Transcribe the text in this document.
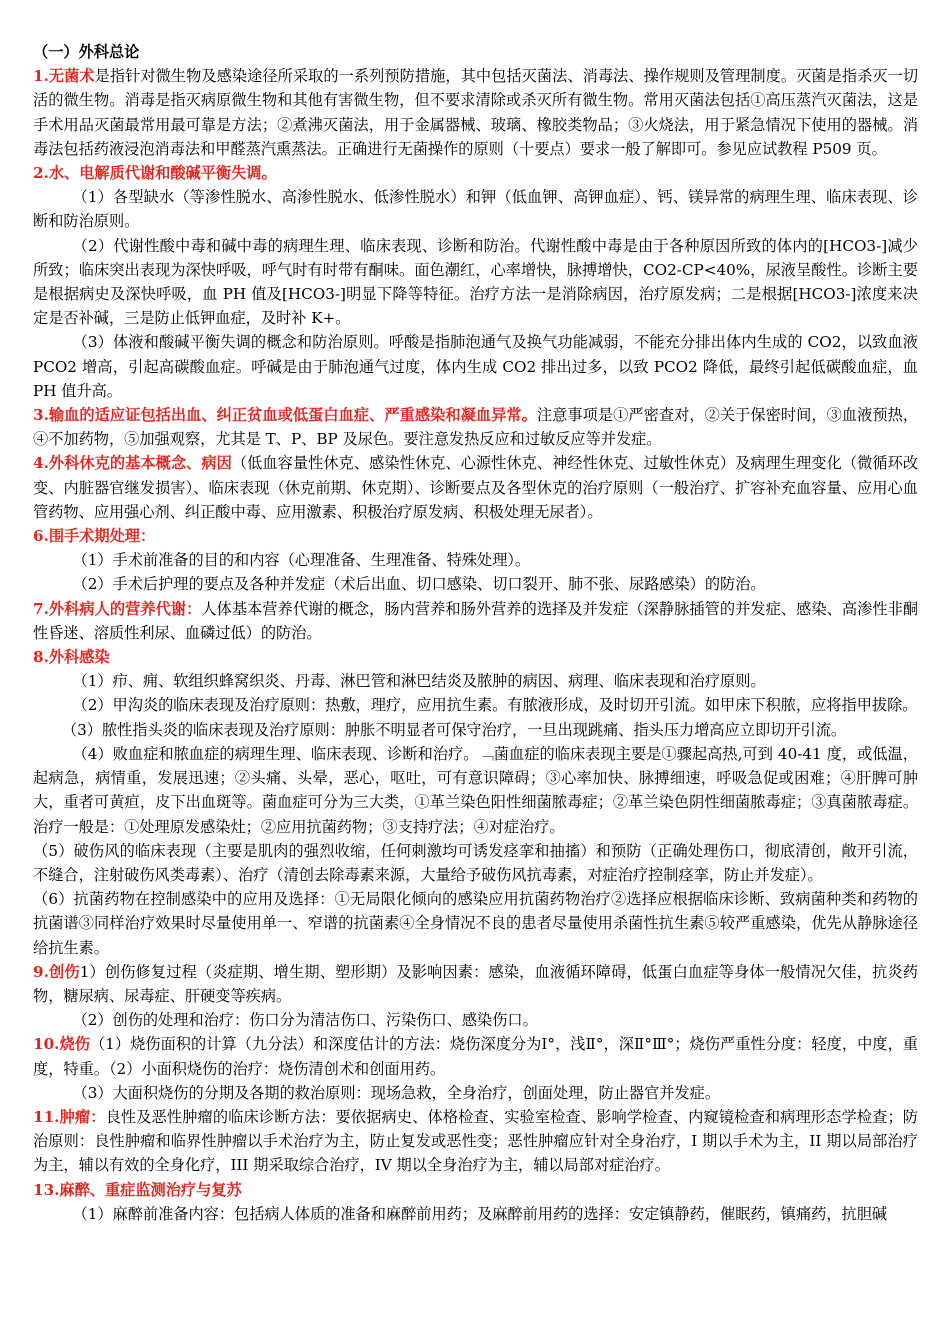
（一）外科总论

1.无菌术是指针对微生物及感染途径所采取的一系列预防措施，其中包括灭菌法、消毒法、操作规则及管理制度。灭菌是指杀灭一切活的微生物。消毒是指灭病原微生物和其他有害微生物，但不要求清除或杀灭所有微生物。常用灭菌法包括①高压蒸汽灭菌法，这是手术用品灭菌最常用最可靠是方法；②煮沸灭菌法，用于金属器械、玻璃、橡胶类物品；③火烧法，用于紧急情况下使用的器械。消毒法包括药液浸泡消毒法和甲醛蒸汽熏蒸法。正确进行无菌操作的原则（十要点）要求一般了解即可。参见应试教程 P509 页。

2.水、电解质代谢和酸碱平衡失调。

（1）各型缺水（等渗性脱水、高渗性脱水、低渗性脱水）和钾（低血钾、高钾血症）、钙、镁异常的病理生理、临床表现、诊断和防治原则。

（2）代谢性酸中毒和碱中毒的病理生理、临床表现、诊断和防治。代谢性酸中毒是由于各种原因所致的体内的[HCO3-]减少所致；临床突出表现为深快呼吸，呼气时有时带有酮味。面色潮红，心率增快，脉搏增快，CO2-CP<40%，尿液呈酸性。诊断主要是根据病史及深快呼吸，血 PH 值及[HCO3-]明显下降等特征。治疗方法一是消除病因，治疗原发病；二是根据[HCO3-]浓度来决定是否补碱，三是防止低钾血症，及时补 K+。

（3）体液和酸碱平衡失调的概念和防治原则。呼酸是指肺泡通气及换气功能减弱，不能充分排出体内生成的 CO2，以致血液 PCO2 增高，引起高碳酸血症。呼碱是由于肺泡通气过度，体内生成 CO2 排出过多，以致 PCO2 降低，最终引起低碳酸血症，血 PH 值升高。

3.输血的适应证包括出血、纠正贫血或低蛋白血症、严重感染和凝血异常。注意事项是①严密查对，②关于保密时间，③血液预热，④不加药物，⑤加强观察，尤其是 T、P、BP 及尿色。要注意发热反应和过敏反应等并发症。

4.外科休克的基本概念、病因（低血容量性休克、感染性休克、心源性休克、神经性休克、过敏性休克）及病理生理变化（微循环改变、内脏器官继发损害）、临床表现（休克前期、休克期）、诊断要点及各型休克的治疗原则（一般治疗、扩容补充血容量、应用心血管药物、应用强心剂、纠正酸中毒、应用激素、积极治疗原发病、积极处理无尿者）。

6.围手术期处理：

（1）手术前准备的目的和内容（心理准备、生理准备、特殊处理）。

（2）手术后护理的要点及各种并发症（术后出血、切口感染、切口裂开、肺不张、尿路感染）的防治。

7.外科病人的营养代谢：人体基本营养代谢的概念，肠内营养和肠外营养的选择及并发症（深静脉插管的并发症、感染、高渗性非酮性昏迷、溶质性利尿、血磷过低）的防治。

8.外科感染

（1）疖、痈、软组织蜂窝织炎、丹毒、淋巴管和淋巴结炎及脓肿的病因、病理、临床表现和治疗原则。

（2）甲沟炎的临床表现及治疗原则：热敷，理疗，应用抗生素。有脓液形成，及时切开引流。如甲床下积脓，应将指甲拔除。

（3）脓性指头炎的临床表现及治疗原则：肿胀不明显者可保守治疗，一旦出现跳痛、指头压力增高应立即切开引流。

（4）败血症和脓血症的病理生理、临床表现、诊断和治疗。﹁菌血症的临床表现主要是①骤起高热,可到 40-41 度，或低温，起病急，病情重，发展迅速；②头痛、头晕，恶心，呕吐，可有意识障碍；③心率加快、脉搏细速，呼吸急促或困难；④肝脾可肿大，重者可黄疸，皮下出血斑等。菌血症可分为三大类，①革兰染色阳性细菌脓毒症；②革兰染色阴性细菌脓毒症；③真菌脓毒症。治疗一般是：①处理原发感染灶；②应用抗菌药物；③支持疗法；④对症治疗。

（5）破伤风的临床表现（主要是肌肉的强烈收缩，任何刺激均可诱发痉挛和抽搐）和预防（正确处理伤口，彻底清创，敞开引流，不缝合，注射破伤风类毒素）、治疗（清创去除毒素来源，大量给予破伤风抗毒素，对症治疗控制痉挛，防止并发症）。

（6）抗菌药物在控制感染中的应用及选择：①无局限化倾向的感染应用抗菌药物治疗②选择应根据临床诊断、致病菌种类和药物的抗菌谱③同样治疗效果时尽量使用单一、窄谱的抗菌素④全身情况不良的患者尽量使用杀菌性抗生素⑤较严重感染，优先从静脉途径给抗生素。

9.创伤1）创伤修复过程（炎症期、增生期、塑形期）及影响因素：感染，血液循环障碍，低蛋白血症等身体一般情况欠佳，抗炎药物，糖尿病、尿毒症、肝硬变等疾病。

（2）创伤的处理和治疗：伤口分为清洁伤口、污染伤口、感染伤口。

10.烧伤（1）烧伤面积的计算（九分法）和深度估计的方法：烧伤深度分为Ⅰ°，浅Ⅱ°，深Ⅱ°Ⅲ°；烧伤严重性分度：轻度，中度，重度，特重。（2）小面积烧伤的治疗：烧伤清创术和创面用药。

（3）大面积烧伤的分期及各期的救治原则：现场急救，全身治疗，创面处理，防止器官并发症。

11.肿瘤：良性及恶性肿瘤的临床诊断方法：要依据病史、体格检查、实验室检查、影响学检查、内窥镜检查和病理形态学检查；防治原则：良性肿瘤和临界性肿瘤以手术治疗为主，防止复发或恶性变；恶性肿瘤应针对全身治疗，I 期以手术为主，II 期以局部治疗为主，辅以有效的全身化疗，III 期采取综合治疗，IV 期以全身治疗为主，辅以局部对症治疗。

13.麻醉、重症监测治疗与复苏

（1）麻醉前准备内容：包括病人体质的准备和麻醉前用药；及麻醉前用药的选择：安定镇静药，催眠药，镇痛药，抗胆碱
